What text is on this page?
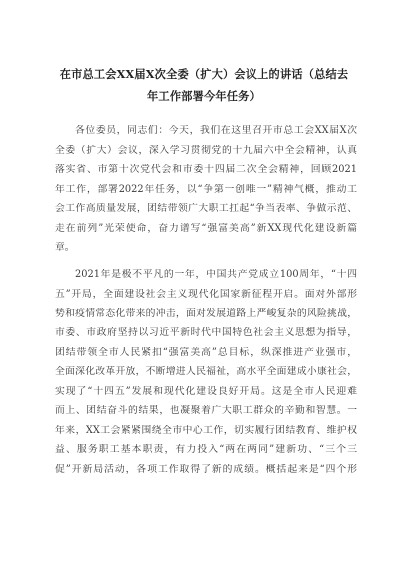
在市总工会XX届X次全委（扩大）会议上的讲话（总结去
年工作部署今年任务）
各位委员，同志们：今天，我们在这里召开市总工会XX届X次
全委（扩大）会议，深入学习贯彻党的十九届六中全会精神，认真
落实省、市第十次党代会和市委十四届二次全会精神，回顾2021
年工作，部署2022年任务，以“争第一创唯一”精神气概，推动工
会工作高质量发展，团结带领广大职工扛起“争当表率、争做示范、
走在前列”光荣使命，奋力谱写“强富美高”新XX现代化建设新篇
章。
2021年是极不平凡的一年，中国共产党成立100周年，“十四
五”开局，全面建设社会主义现代化国家新征程开启。面对外部形
势和疫情常态化带来的冲击，面对发展道路上严峻复杂的风险挑战，
市委、市政府坚持以习近平新时代中国特色社会主义思想为指导，
团结带领全市人民紧扣“强富美高”总目标，纵深推进产业强市，
全面深化改革开放，不断增进人民福祉，高水平全面建成小康社会，
实现了“十四五”发展和现代化建设良好开局。这是全市人民迎难
而上、团结奋斗的结果，也凝聚着广大职工群众的辛勤和智慧。一
年来，XX工会紧紧围绕全市中心工作，切实履行团结教育、维护权
益、服务职工基本职责，有力投入“两在两同”建新功、“三个三
促”开新局活动，各项工作取得了新的成绩。概括起来是“四个形
